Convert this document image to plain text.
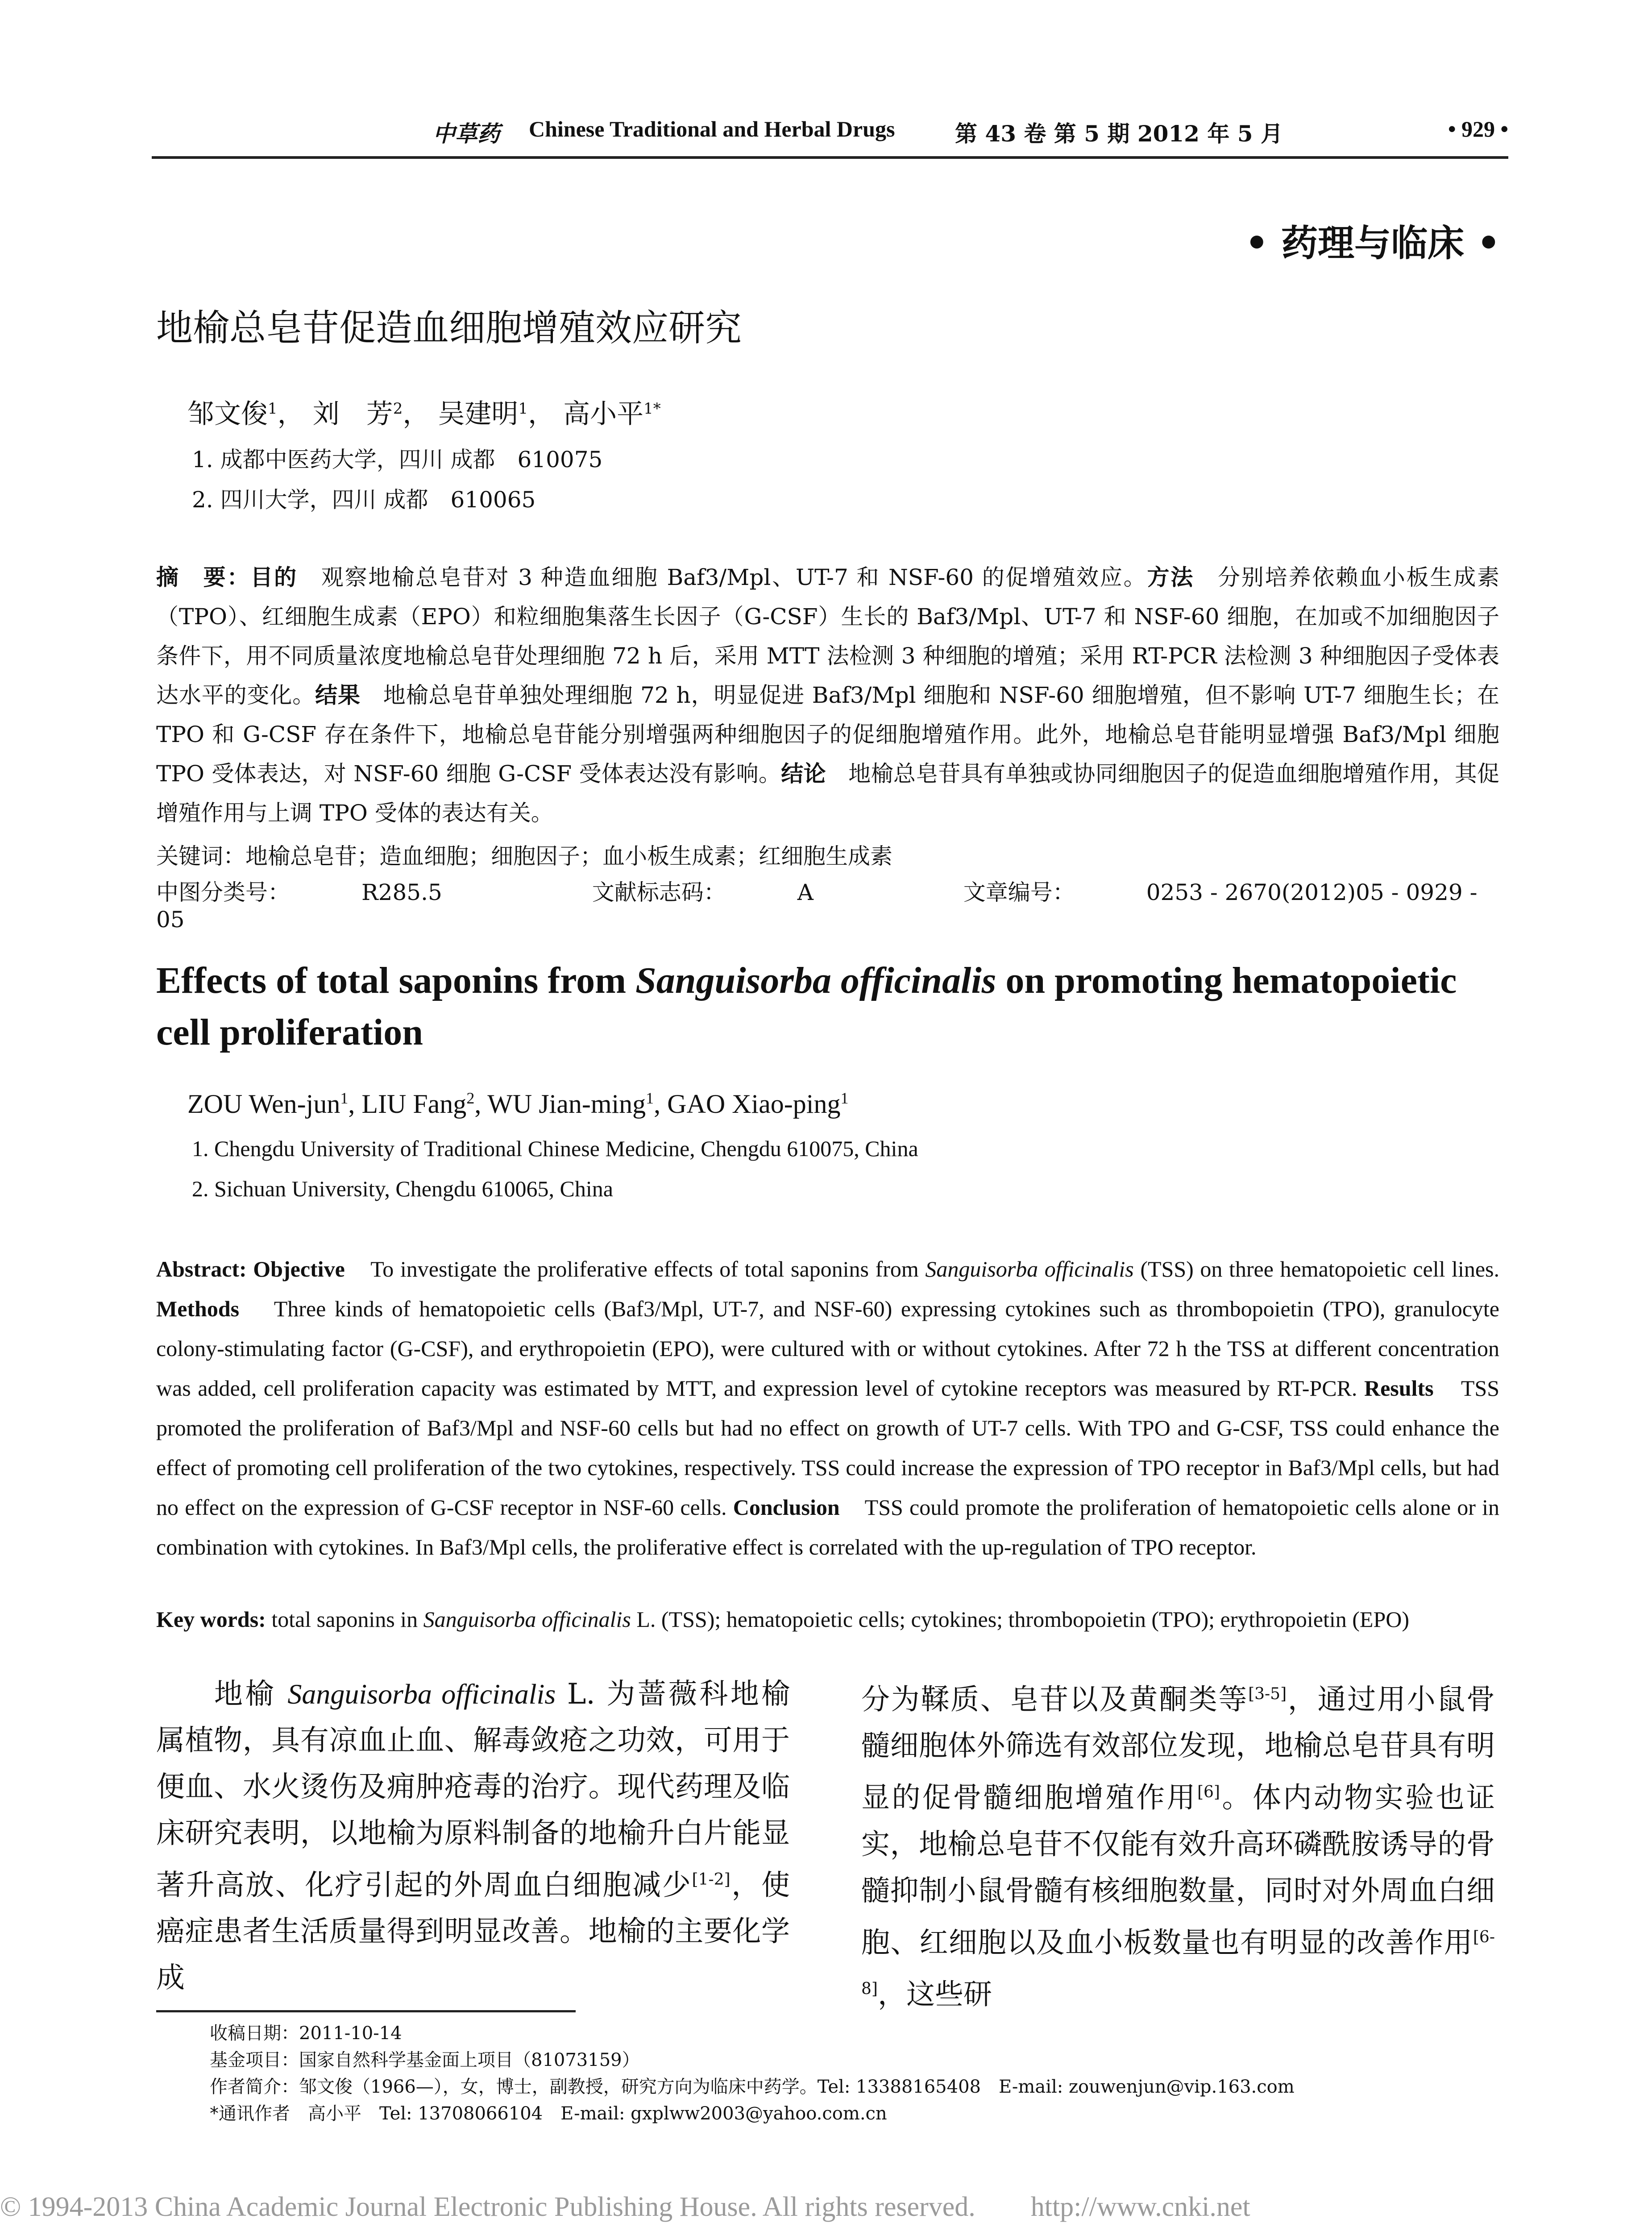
中草药 Chinese Traditional and Herbal Drugs	第 43 卷 第 5 期 2012 年 5 月	• 929 •
• 药理与临床 •
地榆总皂苷促造血细胞增殖效应研究
邹文俊$^1$， 刘　芳$^2$， 吴建明$^1$， 高小平$^{1*}$
1. 成都中医药大学，四川 成都　610075
2. 四川大学，四川 成都　610065
摘　要：目的　 观察地榆总皂苷对 3 种造血细胞 Baf3/Mpl、UT-7 和 NSF-60 的促增殖效应。方法　 分别培养依赖血小板生成素（TPO）、红细胞生成素（EPO）和粒细胞集落生长因子（G-CSF）生长的 Baf3/Mpl、UT-7 和 NSF-60 细胞，在加或不加细胞因子条件下，用不同质量浓度地榆总皂苷处理细胞 72 h 后，采用 MTT 法检测 3 种细胞的增殖；采用 RT-PCR 法检测 3 种细胞因子受体表达水平的变化。结果　 地榆总皂苷单独处理细胞 72 h，明显促进 Baf3/Mpl 细胞和 NSF-60 细胞增殖，但不影响 UT-7 细胞生长；在 TPO 和 G-CSF 存在条件下，地榆总皂苷能分别增强两种细胞因子的促细胞增殖作用。此外，地榆总皂苷能明显增强 Baf3/Mpl 细胞 TPO 受体表达，对 NSF-60 细胞 G-CSF 受体表达没有影响。结论　 地榆总皂苷具有单独或协同细胞因子的促造血细胞增殖作用，其促增殖作用与上调 TPO 受体的表达有关。
关键词：地榆总皂苷；造血细胞；细胞因子；血小板生成素；红细胞生成素
中图分类号：	R285.5	文献标志码：	A	文章编号：	0253 - 2670(2012)05 - 0929 - 05
Effects of total saponins from Sanguisorba officinalis on promoting hematopoietic cell proliferation
ZOU Wen-jun$^1$, LIU Fang$^2$, WU Jian-ming$^1$, GAO Xiao-ping$^1$
1. Chengdu University of Traditional Chinese Medicine, Chengdu 610075, China
2. Sichuan University, Chengdu 610065, China
Abstract: Objective To investigate the proliferative effects of total saponins from Sanguisorba officinalis (TSS) on three hematopoietic cell lines. Methods Three kinds of hematopoietic cells (Baf3/Mpl, UT-7, and NSF-60) expressing cytokines such as thrombopoietin (TPO), granulocyte colony-stimulating factor (G-CSF), and erythropoietin (EPO), were cultured with or without cytokines. After 72 h the TSS at different concentration was added, cell proliferation capacity was estimated by MTT, and expression level of cytokine receptors was measured by RT-PCR. Results TSS promoted the proliferation of Baf3/Mpl and NSF-60 cells but had no effect on growth of UT-7 cells. With TPO and G-CSF, TSS could enhance the effect of promoting cell proliferation of the two cytokines, respectively. TSS could increase the expression of TPO receptor in Baf3/Mpl cells, but had no effect on the expression of G-CSF receptor in NSF-60 cells. Conclusion TSS could promote the proliferation of hematopoietic cells alone or in combination with cytokines. In Baf3/Mpl cells, the proliferative effect is correlated with the up-regulation of TPO receptor.
Key words: total saponins in Sanguisorba officinalis L. (TSS); hematopoietic cells; cytokines; thrombopoietin (TPO); erythropoietin (EPO)
地榆 Sanguisorba officinalis L. 为蔷薇科地榆属植物，具有凉血止血、解毒敛疮之功效，可用于便血、水火烫伤及痈肿疮毒的治疗。现代药理及临床研究表明，以地榆为原料制备的地榆升白片能显著升高放、化疗引起的外周血白细胞减少[1-2]，使癌症患者生活质量得到明显改善。地榆的主要化学成
分为鞣质、皂苷以及黄酮类等[3-5]，通过用小鼠骨髓细胞体外筛选有效部位发现，地榆总皂苷具有明显的促骨髓细胞增殖作用[6]。体内动物实验也证实，地榆总皂苷不仅能有效升高环磷酰胺诱导的骨髓抑制小鼠骨髓有核细胞数量，同时对外周血白细胞、红细胞以及血小板数量也有明显的改善作用[6-8]，这些研
收稿日期：2011-10-14
基金项目：国家自然科学基金面上项目（81073159）
作者简介：邹文俊（1966—），女，博士，副教授，研究方向为临床中药学。Tel: 13388165408　E-mail: zouwenjun@vip.163.com
*通讯作者　高小平　Tel: 13708066104　E-mail: gxplww2003@yahoo.com.cn
© 1994-2013 China Academic Journal Electronic Publishing House. All rights reserved.　　http://www.cnki.net
